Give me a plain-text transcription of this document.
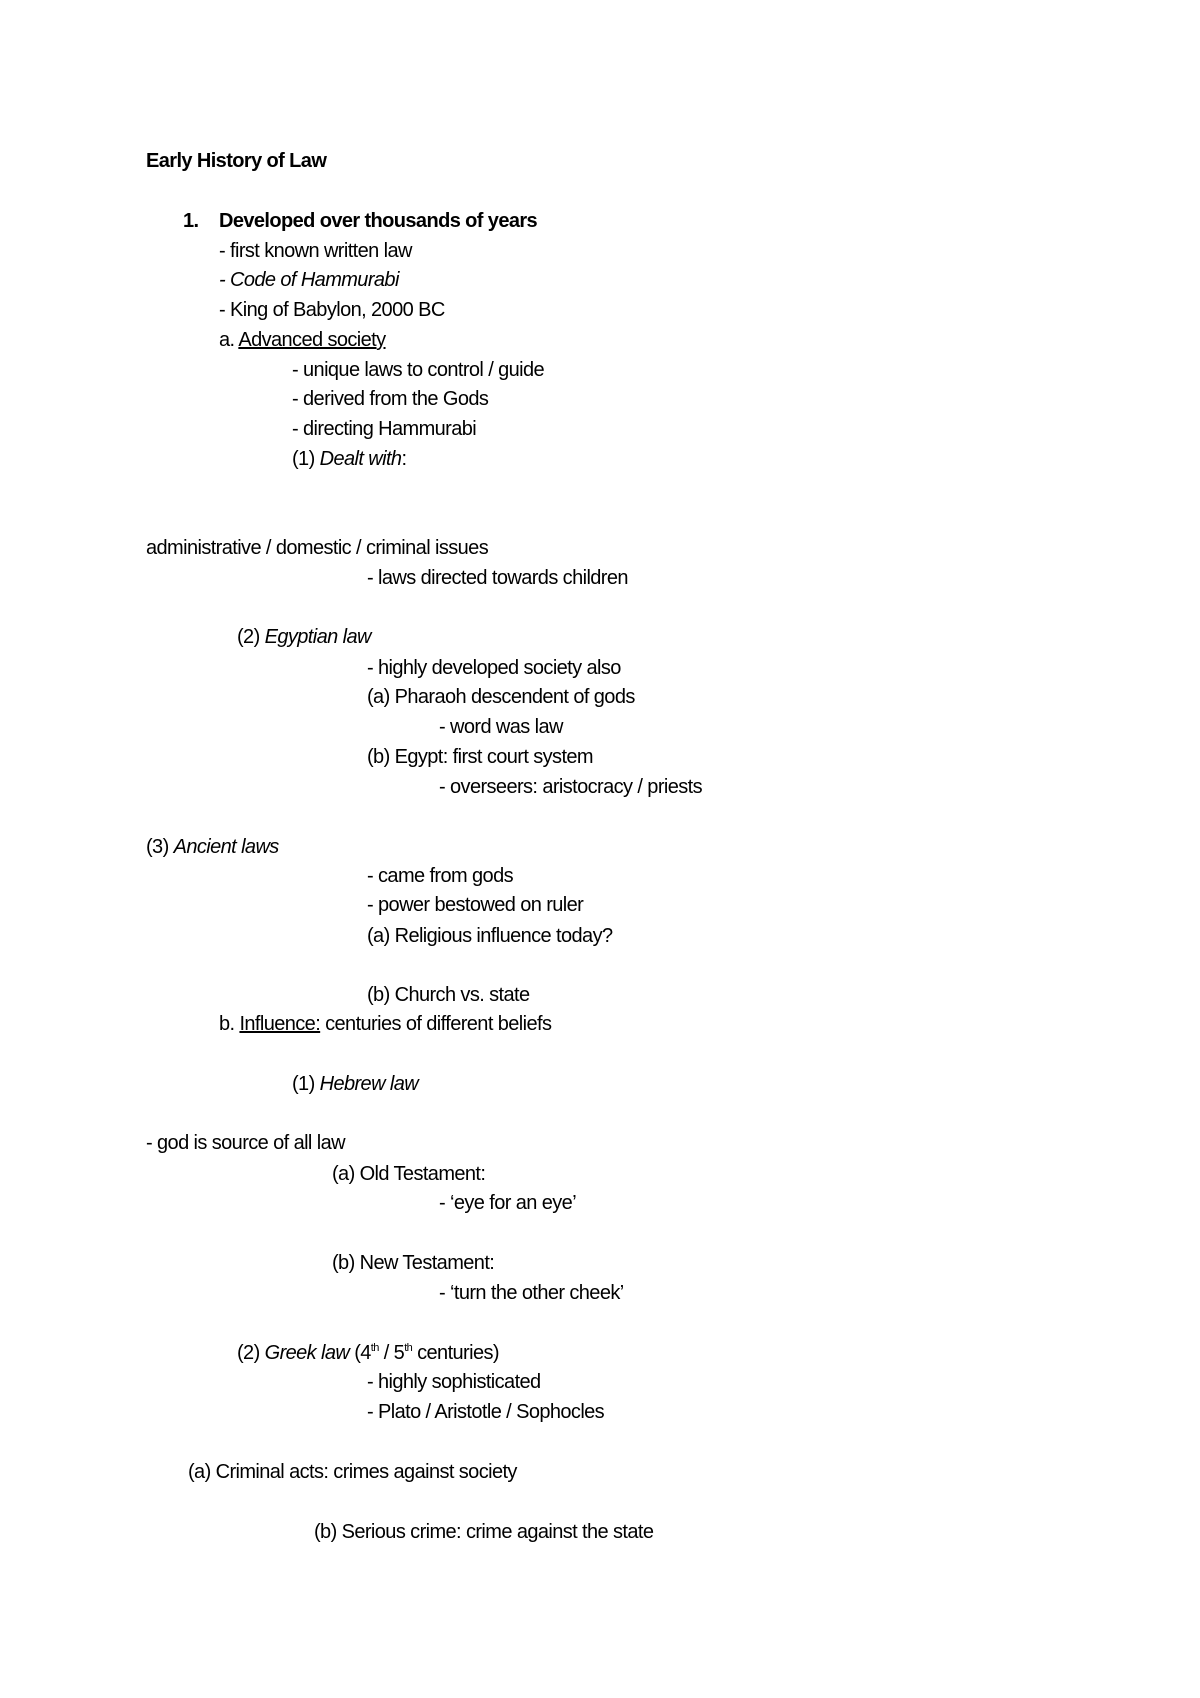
Early History of Law
1. Developed over thousands of years
- first known written law
- Code of Hammurabi
- King of Babylon, 2000 BC
a. Advanced society
- unique laws to control / guide
- derived from the Gods
- directing Hammurabi
(1) Dealt with:
administrative / domestic / criminal issues
- laws directed towards children
(2) Egyptian law
- highly developed society also
(a) Pharaoh descendent of gods
- word was law
(b) Egypt: first court system
- overseers: aristocracy / priests
(3) Ancient laws
- came from gods
- power bestowed on ruler
(a) Religious influence today?
(b) Church vs. state
b. Influence: centuries of different beliefs
(1) Hebrew law
- god is source of all law
(a) Old Testament:
- ‘eye for an eye’
(b) New Testament:
- ‘turn the other cheek’
(2) Greek law (4th / 5th centuries)
- highly sophisticated
- Plato / Aristotle / Sophocles
(a) Criminal acts: crimes against society
(b) Serious crime: crime against the state
